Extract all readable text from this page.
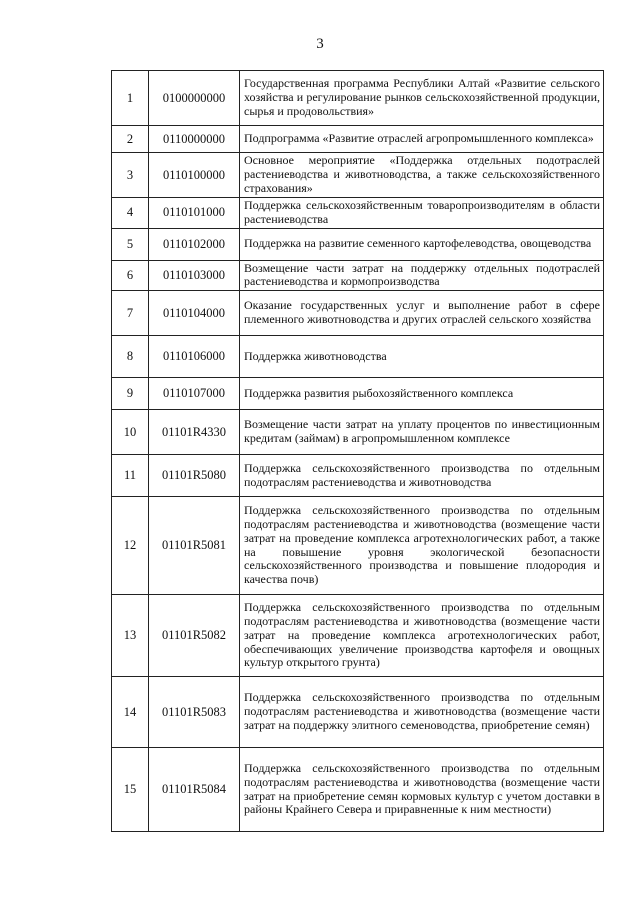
3
1	0100000000	Государственная программа Республики Алтай «Развитие сельского хозяйства и регулирование рынков сельскохозяйственной продукции, сырья и продовольствия»
2	0110000000	Подпрограмма «Развитие отраслей агропромышленного комплекса»
3	0110100000	Основное мероприятие «Поддержка отдельных подотраслей растениеводства и животноводства, а также сельскохозяйственного страхования»
4	0110101000	Поддержка сельскохозяйственным товаропроизводителям в области растениеводства
5	0110102000	Поддержка на развитие семенного картофелеводства, овощеводства
6	0110103000	Возмещение части затрат на поддержку отдельных подотраслей растениеводства и кормопроизводства
7	0110104000	Оказание государственных услуг и выполнение работ в сфере племенного животноводства и других отраслей сельского хозяйства
8	0110106000	Поддержка животноводства
9	0110107000	Поддержка развития рыбохозяйственного комплекса
10	01101R4330	Возмещение части затрат на уплату процентов по инвестиционным кредитам (займам) в агропромышленном комплексе
11	01101R5080	Поддержка сельскохозяйственного производства по отдельным подотраслям растениеводства и животноводства
12	01101R5081	Поддержка сельскохозяйственного производства по отдельным подотраслям растениеводства и животноводства (возмещение части затрат на проведение комплекса агротехнологических работ, а также на повышение уровня экологической безопасности сельскохозяйственного производства и повышение плодородия и качества почв)
13	01101R5082	Поддержка сельскохозяйственного производства по отдельным подотраслям растениеводства и животноводства (возмещение части затрат на проведение комплекса агротехнологических работ, обеспечивающих увеличение производства картофеля и овощных культур открытого грунта)
14	01101R5083	Поддержка сельскохозяйственного производства по отдельным подотраслям растениеводства и животноводства (возмещение части затрат на поддержку элитного семеноводства, приобретение семян)
15	01101R5084	Поддержка сельскохозяйственного производства по отдельным подотраслям растениеводства и животноводства (возмещение части затрат на приобретение семян кормовых культур с учетом доставки в районы Крайнего Севера и приравненные к ним местности)
